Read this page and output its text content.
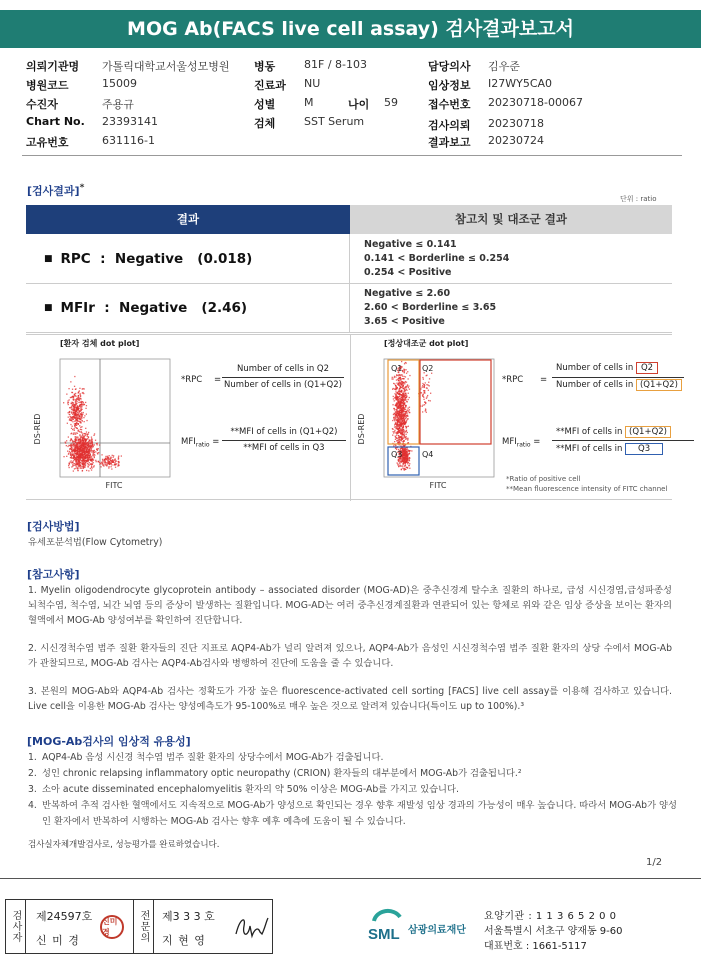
MOG Ab(FACS live cell assay) 검사결과보고서
의뢰기관명 가톨릭대학교서울성모병원
병원코드	15009
수진자	주용규
Chart No. 23393141
고유번호	631116-1
병동	81F / 8-103
진료과 NU
성별	M	나이 59
검체	SST Serum
담당의사 김우준
임상정보 I27WY5CA0
접수번호 20230718-00067
검사의뢰 20230718
결과보고 20230724
[검사결과]*
단위 : ratio
결과	참고치 및 대조군 결과
■ RPC  :  Negative   (0.018)
Negative ≤ 0.141
0.141 < Borderline ≤ 0.254
0.254 < Positive
■ MFIr  :  Negative   (2.46)
Negative ≤ 2.60
2.60 < Borderline ≤ 3.65
3.65 < Positive
[환자 검체 dot plot]	[정상대조군 dot plot]
DS-RED
FITC
*RPC =
Number of cells in Q2
Number of cells in (Q1+Q2)
$MFI_{ratio}$ =
**MFI of cells in (Q1+Q2)
**MFI of cells in Q3
DS-RED
FITC
Q1 Q2
Q3 Q4
*RPC =
Number of cells in Q2
Number of cells in (Q1+Q2)
$MFI_{ratio}$ =
**MFI of cells in (Q1+Q2)
**MFI of cells in Q3
*Ratio of positive cell
**Mean fluorescence intensity of FITC channel
[검사방법]
유세포분석법(Flow Cytometry)
[참고사항]
1. Myelin oligodendrocyte glycoprotein antibody – associated disorder (MOG-AD)은 중추신경계 탈수초 질환의 하나로, 급성 시신경염,급성파종성 뇌척수염, 척수염, 뇌간 뇌염 등의 증상이 발생하는 질환입니다. MOG-AD는 여러 중추신경계질환과 연관되어 있는 항체로 위와 같은 임상 증상을 보이는 환자의 혈액에서 MOG-Ab 양성여부를 확인하여 진단합니다.
2. 시신경척수염 범주 질환 환자들의 진단 지표로 AQP4-Ab가 널리 알려져 있으나, AQP4-Ab가 음성인 시신경척수염 범주 질환 환자의 상당 수에서 MOG-Ab가 관찰되므로, MOG-Ab 검사는 AQP4-Ab검사와 병행하여 진단에 도움을 줄 수 있습니다.
3. 본원의 MOG-Ab와 AQP4-Ab 검사는 정확도가 가장 높은 fluorescence-activated cell sorting [FACS] live cell assay를 이용해 검사하고 있습니다. Live cell을 이용한 MOG-Ab 검사는 양성예측도가 95-100%로 매우 높은 것으로 알려져 있습니다(특이도 up to 100%).³
[MOG-Ab검사의 임상적 유용성]
1. AQP4-Ab 음성 시신경 척수염 범주 질환 환자의 상당수에서 MOG-Ab가 검출됩니다.
2. 성인 chronic relapsing inflammatory optic neuropathy (CRION) 환자들의 대부분에서 MOG-Ab가 검출됩니다.²
3. 소아 acute disseminated encephalomyelitis 환자의 약 50% 이상은 MOG-Ab를 가지고 있습니다.
4. 반복하여 추적 검사한 혈액에서도 지속적으로 MOG-Ab가 양성으로 확인되는 경우 향후 재발성 임상 경과의 가능성이 매우 높습니다. 따라서 MOG-Ab가 양성인 환자에서 반복하여 시행하는 MOG-Ab 검사는 향후 예후 예측에 도움이 될 수 있습니다.
검사실자체개발검사로, 성능평가를 완료하였습니다.
1/2
검사자	제24597호
신 미 경
신미경	전문의	제3 3 3 호
지 현 영	SML 삼광의료재단
요양기관 : 1 1 3 6 5 2 0 0
서울특별시 서초구 양재동 9-60
대표번호 : 1661-5117
